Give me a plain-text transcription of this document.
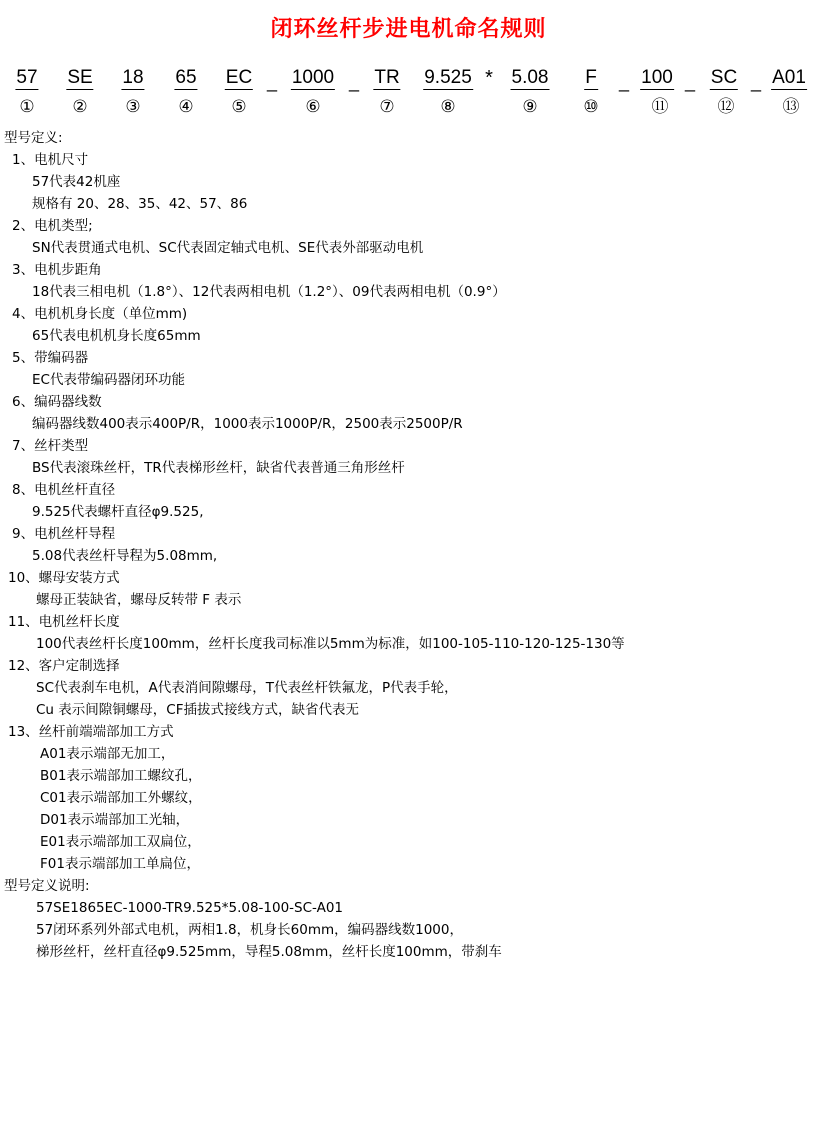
闭环丝杆步进电机命名规则
57 SE 18 65 EC _ 1000 _ TR 9.525 * 5.08 F _ 100 _ SC _ A01
① ② ③ ④ ⑤	⑥	⑦	⑧	⑨	⑩	⑪	⑫	⑬
型号定义:
1、电机尺寸
57代表42机座
规格有 20、28、35、42、57、86
2、电机类型;
SN代表贯通式电机、SC代表固定轴式电机、SE代表外部驱动电机
3、电机步距角
18代表三相电机（1.8°）、12代表两相电机（1.2°）、09代表两相电机（0.9°）
4、电机机身长度（单位mm)
65代表电机机身长度65mm
5、带编码器
EC代表带编码器闭环功能
6、编码器线数
编码器线数400表示400P/R，1000表示1000P/R，2500表示2500P/R
7、丝杆类型
BS代表滚珠丝杆，TR代表梯形丝杆，缺省代表普通三角形丝杆
8、电机丝杆直径
9.525代表螺杆直径φ9.525,
9、电机丝杆导程
5.08代表丝杆导程为5.08mm,
10、螺母安装方式
螺母正装缺省，螺母反转带 F 表示
11、电机丝杆长度
100代表丝杆长度100mm，丝杆长度我司标准以5mm为标准，如100-105-110-120-125-130等
12、客户定制选择
SC代表刹车电机，A代表消间隙螺母，T代表丝杆铁氟龙，P代表手轮，
Cu 表示间隙铜螺母，CF插拔式接线方式，缺省代表无
13、丝杆前端端部加工方式
A01表示端部无加工，
B01表示端部加工螺纹孔，
C01表示端部加工外螺纹，
D01表示端部加工光轴，
E01表示端部加工双扁位，
F01表示端部加工单扁位，
型号定义说明:
57SE1865EC-1000-TR9.525*5.08-100-SC-A01
57闭环系列外部式电机，两相1.8，机身长60mm，编码器线数1000，
梯形丝杆，丝杆直径φ9.525mm，导程5.08mm，丝杆长度100mm，带刹车
